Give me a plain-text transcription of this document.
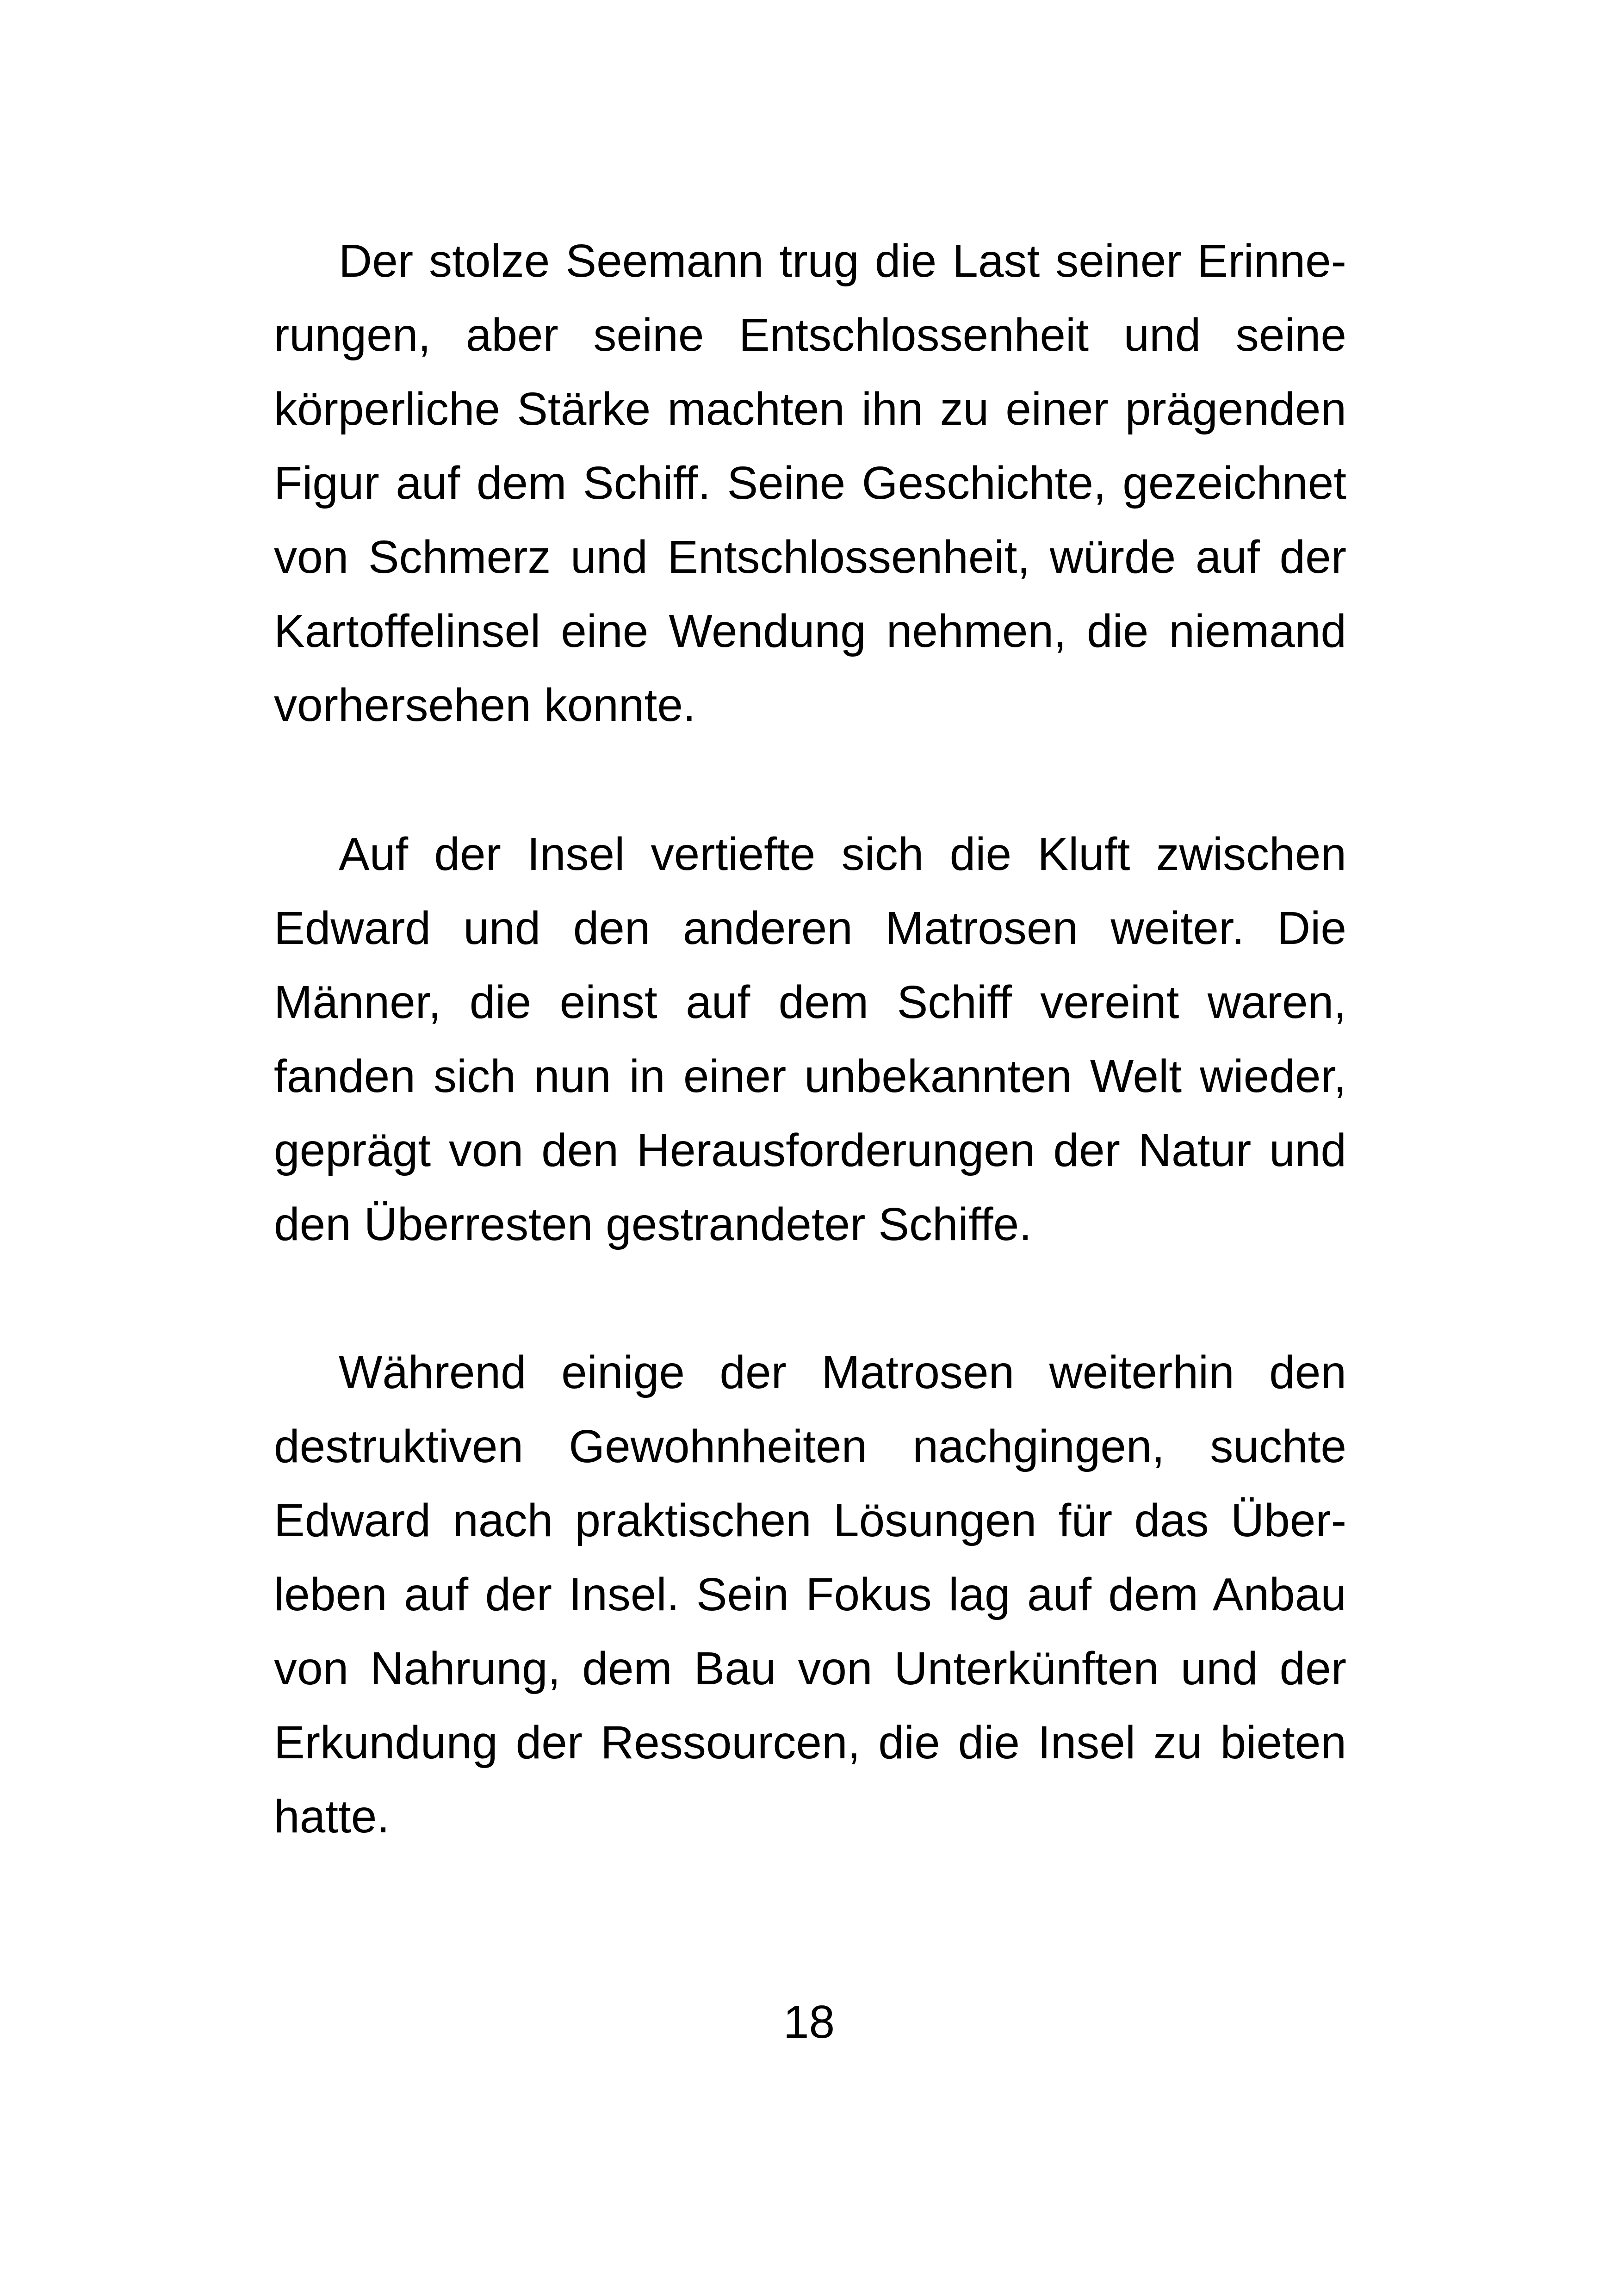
Der stolze Seemann trug die Last seiner Erinne-
rungen, aber seine Entschlossenheit und seine
körperliche Stärke machten ihn zu einer prägenden
Figur auf dem Schiff. Seine Geschichte, gezeichnet
von Schmerz und Entschlossenheit, würde auf der
Kartoffelinsel eine Wendung nehmen, die niemand
vorhersehen konnte.
Auf der Insel vertiefte sich die Kluft zwischen
Edward und den anderen Matrosen weiter. Die
Männer, die einst auf dem Schiff vereint waren,
fanden sich nun in einer unbekannten Welt wieder,
geprägt von den Herausforderungen der Natur und
den Überresten gestrandeter Schiffe.
Während einige der Matrosen weiterhin den
destruktiven Gewohnheiten nachgingen, suchte
Edward nach praktischen Lösungen für das Über-
leben auf der Insel. Sein Fokus lag auf dem Anbau
von Nahrung, dem Bau von Unterkünften und der
Erkundung der Ressourcen, die die Insel zu bieten
hatte.
18
